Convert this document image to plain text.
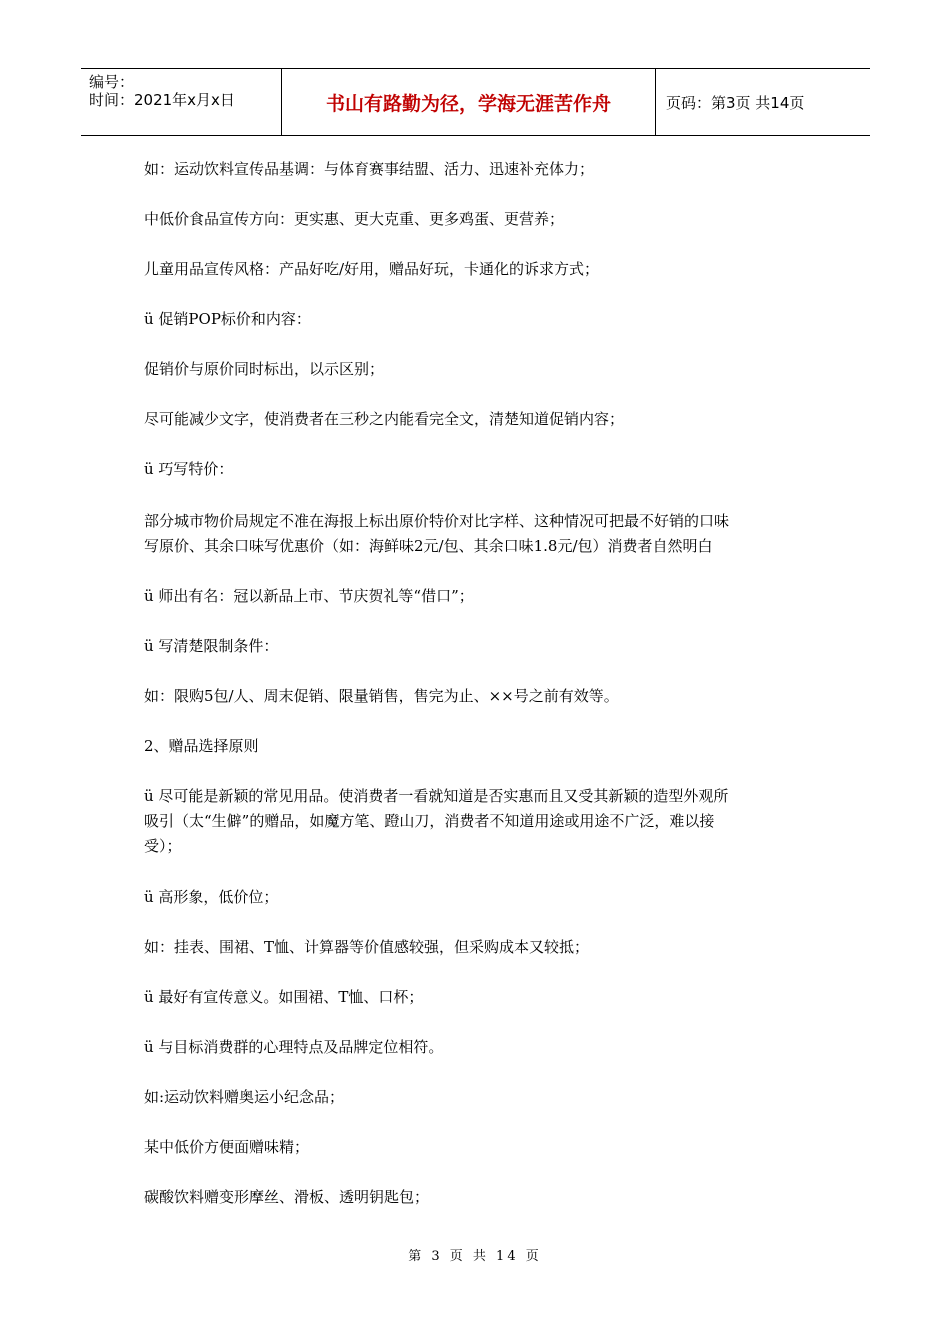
编号：
时间：2021年x月x日	书山有路勤为径，学海无涯苦作舟	页码：第3页 共14页
如：运动饮料宣传品基调：与体育赛事结盟、活力、迅速补充体力；
中低价食品宣传方向：更实惠、更大克重、更多鸡蛋、更营养；
儿童用品宣传风格：产品好吃/好用，赠品好玩，卡通化的诉求方式；
ü 促销POP标价和内容：
促销价与原价同时标出，以示区别；
尽可能减少文字，使消费者在三秒之内能看完全文，清楚知道促销内容；
ü 巧写特价：
部分城市物价局规定不准在海报上标出原价特价对比字样、这种情况可把最不好销的口味
写原价、其余口味写优惠价（如：海鲜味2元/包、其余口味1.8元/包）消费者自然明白
ü 师出有名：冠以新品上市、节庆贺礼等“借口”；
ü 写清楚限制条件：
如：限购5包/人、周末促销、限量销售，售完为止、××号之前有效等。
2、赠品选择原则
ü 尽可能是新颖的常见用品。使消费者一看就知道是否实惠而且又受其新颖的造型外观所
吸引（太“生僻”的赠品，如魔方笔、蹬山刀，消费者不知道用途或用途不广泛，难以接
受）；
ü 高形象，低价位；
如：挂表、围裙、T恤、计算器等价值感较强，但采购成本又较抵；
ü 最好有宣传意义。如围裙、T恤、口杯；
ü 与目标消费群的心理特点及品牌定位相符。
如:运动饮料赠奥运小纪念品；
某中低价方便面赠味精；
碳酸饮料赠变形摩丝、滑板、透明钥匙包；
第 3 页 共 14 页
